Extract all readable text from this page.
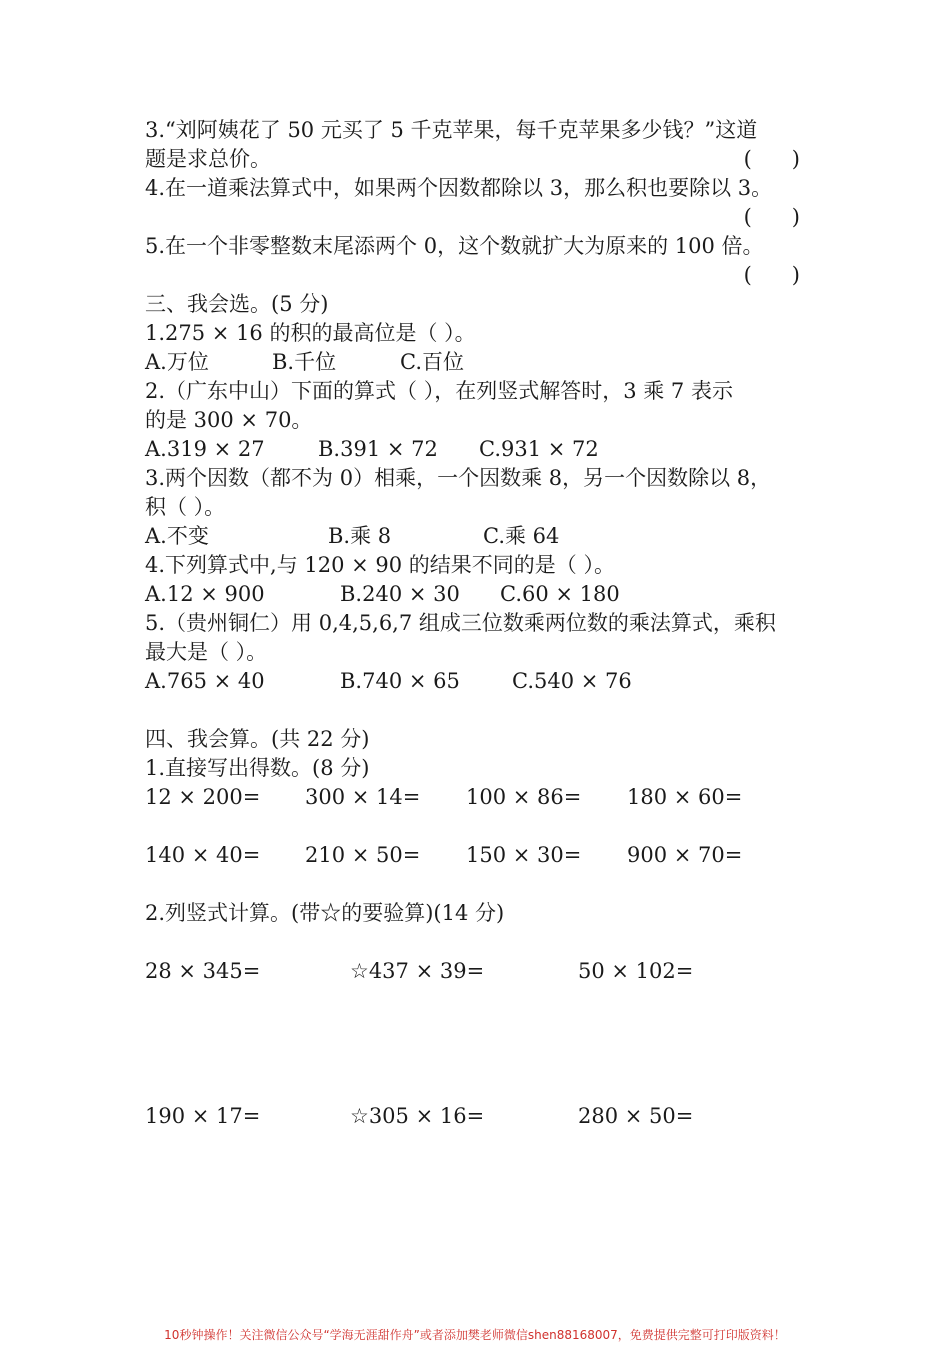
3.“刘阿姨花了 50 元买了 5 千克苹果，每千克苹果多少钱？”这道
题是求总价。	(      )
4.在一道乘法算式中，如果两个因数都除以 3，那么积也要除以 3。
(      )
5.在一个非零整数末尾添两个 0，这个数就扩大为原来的 100 倍。
(      )
三、我会选。(5 分)
1.275 × 16 的积的最高位是（ ）。
A.万位	B.千位	C.百位
2.（广东中山）下面的算式（ ），在列竖式解答时，3 乘 7 表示
的是 300 × 70。
A.319 × 27	B.391 × 72 C.931 × 72
3.两个因数（都不为 0）相乘，一个因数乘 8，另一个因数除以 8，
积（ ）。
A.不变	B.乘 8	C.乘 64
4.下列算式中,与 120 × 90 的结果不同的是（ ）。
A.12 × 900	B.240 × 30 C.60 × 180
5.（贵州铜仁）用 0,4,5,6,7 组成三位数乘两位数的乘法算式，乘积
最大是（ ）。
A.765 × 40	B.740 × 65 C.540 × 76
四、我会算。(共 22 分)
1.直接写出得数。(8 分)
12 × 200= 300 × 14= 100 × 86= 180 × 60=
140 × 40= 210 × 50= 150 × 30= 900 × 70=
2.列竖式计算。(带☆的要验算)(14 分)
28 × 345=	☆437 × 39=	50 × 102=
190 × 17=	☆305 × 16=	280 × 50=
10秒钟操作！关注微信公众号“学海无涯甜作舟”或者添加樊老师微信shen88168007，免费提供完整可打印版资料！
